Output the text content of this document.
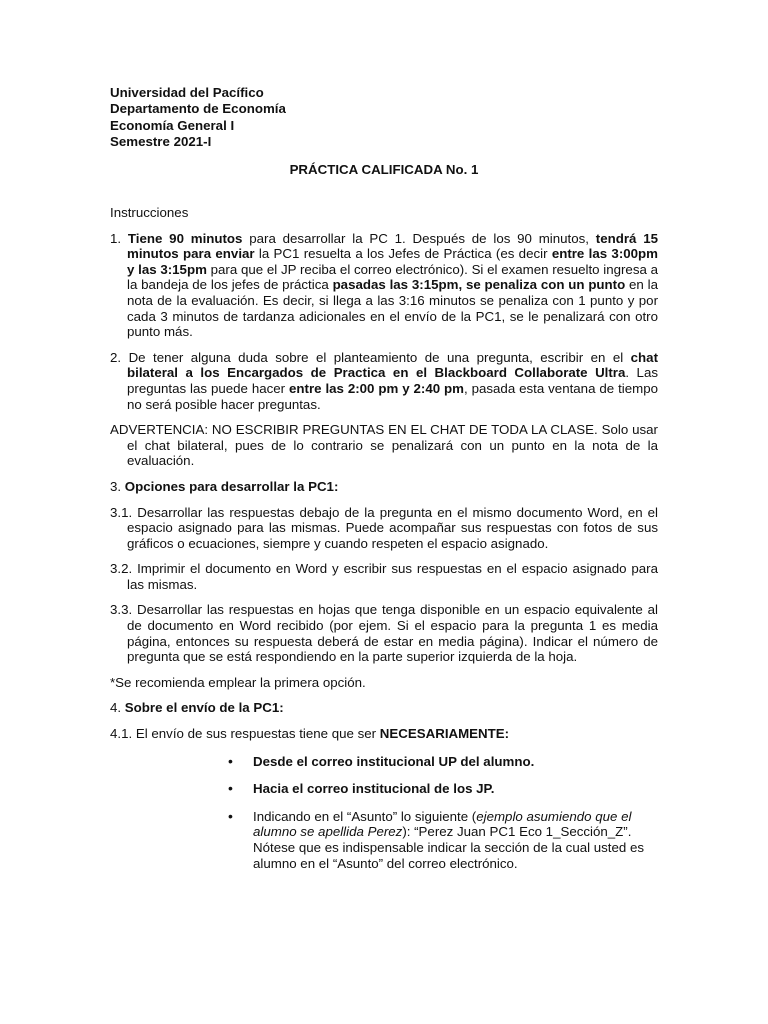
Universidad del Pacífico
Departamento de Economía
Economía General I
Semestre 2021-I
PRÁCTICA CALIFICADA No. 1

Instrucciones

1. Tiene 90 minutos para desarrollar la PC 1. Después de los 90 minutos, tendrá 15 minutos para enviar la PC1 resuelta a los Jefes de Práctica (es decir entre las 3:00pm y las 3:15pm para que el JP reciba el correo electrónico). Si el examen resuelto ingresa a la bandeja de los jefes de práctica pasadas las 3:15pm, se penaliza con un punto en la nota de la evaluación. Es decir, si llega a las 3:16 minutos se penaliza con 1 punto y por cada 3 minutos de tardanza adicionales en el envío de la PC1, se le penalizará con otro punto más.

2. De tener alguna duda sobre el planteamiento de una pregunta, escribir en el chat bilateral a los Encargados de Practica en el Blackboard Collaborate Ultra. Las preguntas las puede hacer entre las 2:00 pm y 2:40 pm, pasada esta ventana de tiempo no será posible hacer preguntas.

ADVERTENCIA: NO ESCRIBIR PREGUNTAS EN EL CHAT DE TODA LA CLASE. Solo usar el chat bilateral, pues de lo contrario se penalizará con un punto en la nota de la evaluación.

3. Opciones para desarrollar la PC1:

3.1. Desarrollar las respuestas debajo de la pregunta en el mismo documento Word, en el espacio asignado para las mismas. Puede acompañar sus respuestas con fotos de sus gráficos o ecuaciones, siempre y cuando respeten el espacio asignado.

3.2. Imprimir el documento en Word y escribir sus respuestas en el espacio asignado para las mismas.

3.3. Desarrollar las respuestas en hojas que tenga disponible en un espacio equivalente al de documento en Word recibido (por ejem. Si el espacio para la pregunta 1 es media página, entonces su respuesta deberá de estar en media página). Indicar el número de pregunta que se está respondiendo en la parte superior izquierda de la hoja.

*Se recomienda emplear la primera opción.

4. Sobre el envío de la PC1:

4.1. El envío de sus respuestas tiene que ser NECESARIAMENTE:

• Desde el correo institucional UP del alumno.

• Hacia el correo institucional de los JP.

• Indicando en el “Asunto” lo siguiente (ejemplo asumiendo que el alumno se apellida Perez): “Perez Juan PC1 Eco 1_Sección_Z”. Nótese que es indispensable indicar la sección de la cual usted es alumno en el “Asunto” del correo electrónico.
